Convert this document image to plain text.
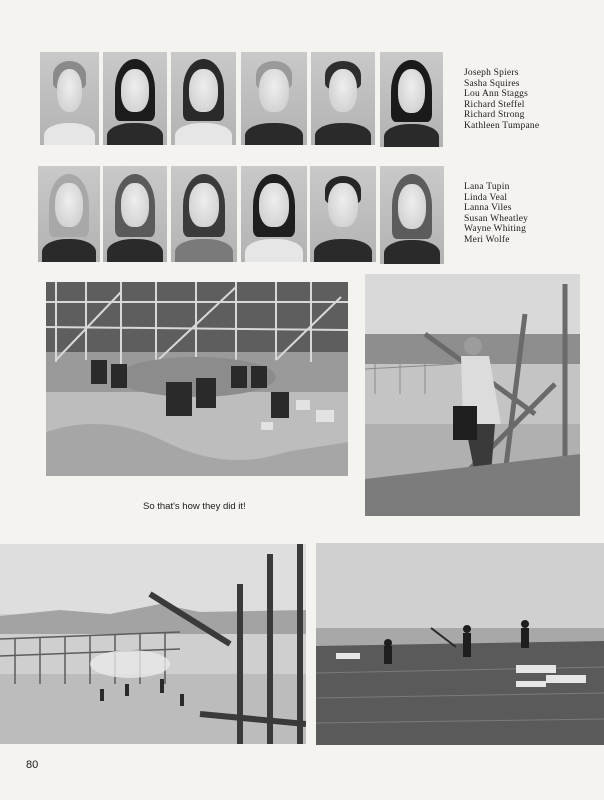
Joseph Spiers
Sasha Squires
Lou Ann Staggs
Richard Steffel
Richard Strong
Kathleen Tumpane
Lana Tupin
Linda Veal
Lanna Viles
Susan Wheatley
Wayne Whiting
Meri Wolfe
So that's how they did it!
80
